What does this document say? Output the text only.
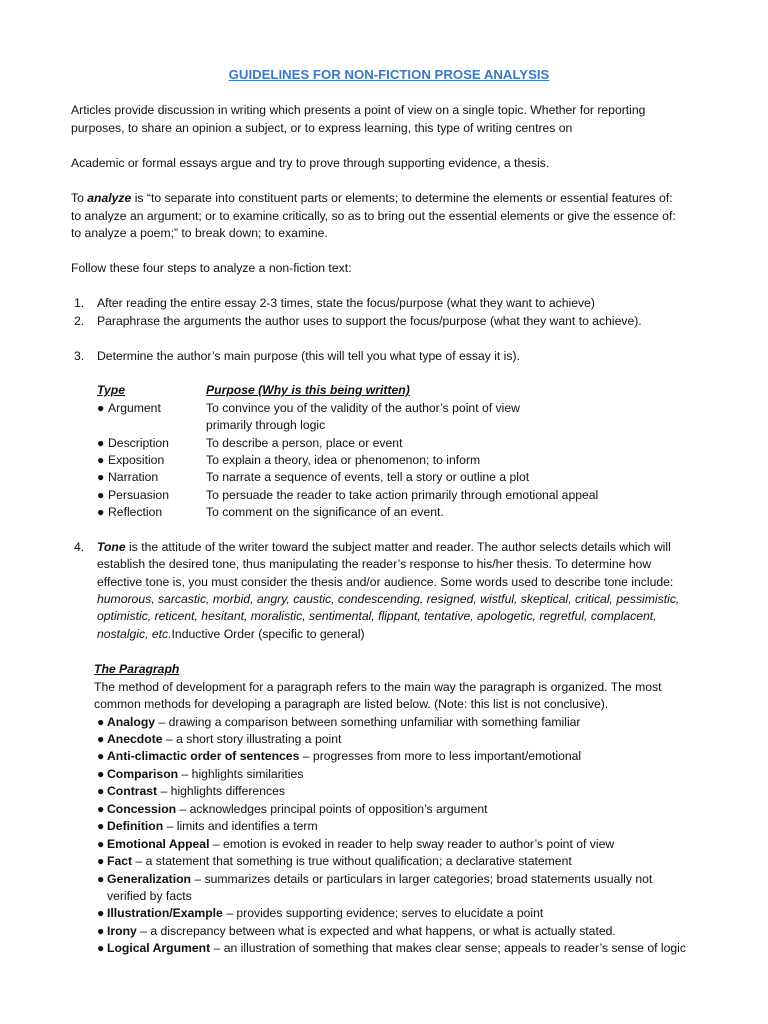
GUIDELINES FOR NON-FICTION PROSE ANALYSIS
Articles provide discussion in writing which presents a point of view on a single topic. Whether for reporting
purposes, to share an opinion a subject, or to express learning, this type of writing centres on
Academic or formal essays argue and try to prove through supporting evidence, a thesis.
To analyze is “to separate into constituent parts or elements; to determine the elements or essential features of:
to analyze an argument; or to examine critically, so as to bring out the essential elements or give the essence of:
to analyze a poem;” to break down; to examine.
Follow these four steps to analyze a non-fiction text:
1. After reading the entire essay 2-3 times, state the focus/purpose (what they want to achieve)
2. Paraphrase the arguments the author uses to support the focus/purpose (what they want to achieve).
3. Determine the author’s main purpose (this will tell you what type of essay it is).
Type	Purpose (Why is this being written)
● Argument	To convince you of the validity of the author’s point of view
primarily through logic
● Description	To describe a person, place or event
● Exposition	To explain a theory, idea or phenomenon; to inform
● Narration	To narrate a sequence of events, tell a story or outline a plot
● Persuasion	To persuade the reader to take action primarily through emotional appeal
● Reflection	To comment on the significance of an event.
4. Tone is the attitude of the writer toward the subject matter and reader. The author selects details which will
establish the desired tone, thus manipulating the reader’s response to his/her thesis. To determine how
effective tone is, you must consider the thesis and/or audience. Some words used to describe tone include:
humorous, sarcastic, morbid, angry, caustic, condescending, resigned, wistful, skeptical, critical, pessimistic,
optimistic, reticent, hesitant, moralistic, sentimental, flippant, tentative, apologetic, regretful, complacent,
nostalgic, etc.Inductive Order (specific to general)
The Paragraph
The method of development for a paragraph refers to the main way the paragraph is organized. The most
common methods for developing a paragraph are listed below. (Note: this list is not conclusive).
● Analogy – drawing a comparison between something unfamiliar with something familiar
● Anecdote – a short story illustrating a point
● Anti-climactic order of sentences – progresses from more to less important/emotional
● Comparison – highlights similarities
● Contrast – highlights differences
● Concession – acknowledges principal points of opposition’s argument
● Definition – limits and identifies a term
● Emotional Appeal – emotion is evoked in reader to help sway reader to author’s point of view
● Fact – a statement that something is true without qualification; a declarative statement
● Generalization – summarizes details or particulars in larger categories; broad statements usually not
verified by facts
● Illustration/Example – provides supporting evidence; serves to elucidate a point
● Irony – a discrepancy between what is expected and what happens, or what is actually stated.
● Logical Argument – an illustration of something that makes clear sense; appeals to reader’s sense of logic
